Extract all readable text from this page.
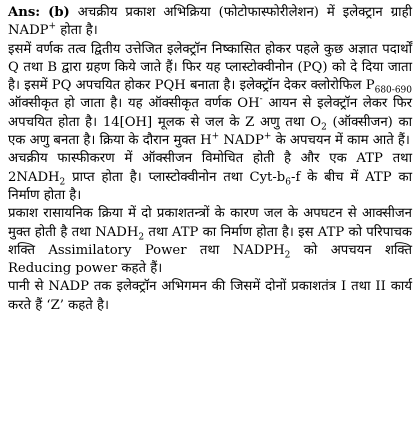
Ans: (b) अचक्रीय प्रकाश अभिक्रिया (फोटोफास्फोरीलेशन) में इलेक्ट्रान ग्राही NADP+ होता है।

इसमें वर्णक तत्व द्वितीय उत्तेजित इलेक्ट्रॉन निष्कासित होकर पहले कुछ अज्ञात पदार्थों Q तथा B द्वारा ग्रहण किये जाते हैं। फिर यह प्लास्टोक्वीनोन (PQ) को दे दिया जाता है। इसमें PQ अपचयित होकर PQH बनाता है। इलेक्ट्रॉन देकर क्लोरोफिल $P_{680-690}$ ऑक्सीकृत हो जाता है। यह ऑक्सीकृत वर्णक OH- आयन से इलेक्ट्रॉन लेकर फिर अपचयित होता है। 14[OH] मूलक से जल के Z अणु तथा $O_2$ (ऑक्सीजन) का एक अणु बनता है। क्रिया के दौरान मुक्त H+ NADP+ के अपचयन में काम आते हैं।

अचक्रीय फास्फीकरण में ऑक्सीजन विमोचित होती है और एक ATP तथा $2NADH_2$ प्राप्त होता है। प्लास्टोक्वीनोन तथा Cyt-$b_6-f$ के बीच में ATP का निर्माण होता है।

प्रकाश रासायनिक क्रिया में दो प्रकाशतन्त्रों के कारण जल के अपघटन से आक्सीजन मुक्त होती है तथा $NADH_2$ तथा ATP का निर्माण होता है। इस ATP को परिपाचक शक्ति Assimilatory Power तथा $NADPH_2$ को अपचयन शक्ति Reducing power कहते हैं।

पानी से NADP तक इलेक्ट्रॉन अभिगमन की जिसमें दोनों प्रकाशतंत्र I तथा II कार्य करते हैं ‘Z’ कहते है।
